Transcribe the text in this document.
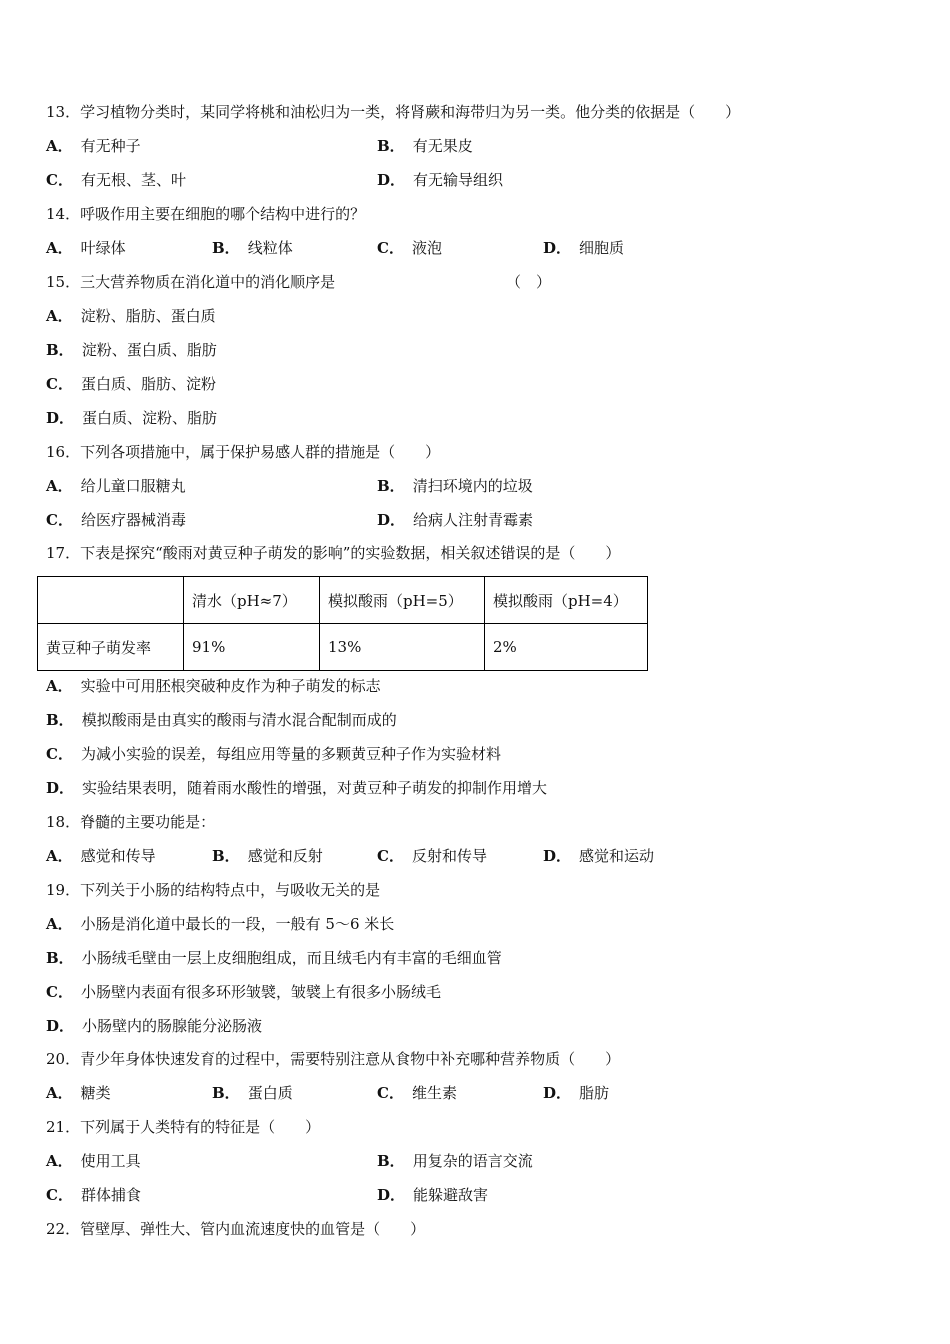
13．学习植物分类时，某同学将桃和油松归为一类，将肾蕨和海带归为另一类。他分类的依据是（　　）
A． 有无种子	B． 有无果皮
C． 有无根、茎、叶	D． 有无输导组织
14．呼吸作用主要在细胞的哪个结构中进行的？
A． 叶绿体	B． 线粒体	C． 液泡	D． 细胞质
15．三大营养物质在消化道中的消化顺序是	（　）
A． 淀粉、脂肪、蛋白质
B． 淀粉、蛋白质、脂肪
C． 蛋白质、脂肪、淀粉
D． 蛋白质、淀粉、脂肪
16．下列各项措施中，属于保护易感人群的措施是（　　）
A． 给儿童口服糖丸	B． 清扫环境内的垃圾
C． 给医疗器械消毒	D． 给病人注射青霉素
17．下表是探究“酸雨对黄豆种子萌发的影响”的实验数据，相关叙述错误的是（　　）
	清水（pH≈7）	模拟酸雨（pH=5）	模拟酸雨（pH=4）
黄豆种子萌发率	91%	13%	2%
A． 实验中可用胚根突破种皮作为种子萌发的标志
B． 模拟酸雨是由真实的酸雨与清水混合配制而成的
C． 为减小实验的误差，每组应用等量的多颗黄豆种子作为实验材料
D． 实验结果表明，随着雨水酸性的增强，对黄豆种子萌发的抑制作用增大
18．脊髓的主要功能是：
A． 感觉和传导	B． 感觉和反射	C． 反射和传导	D． 感觉和运动
19．下列关于小肠的结构特点中，与吸收无关的是
A． 小肠是消化道中最长的一段，一般有 5～6 米长
B． 小肠绒毛壁由一层上皮细胞组成，而且绒毛内有丰富的毛细血管
C． 小肠壁内表面有很多环形皱襞，皱襞上有很多小肠绒毛
D． 小肠壁内的肠腺能分泌肠液
20．青少年身体快速发育的过程中，需要特别注意从食物中补充哪种营养物质（　　）
A． 糖类	B． 蛋白质	C． 维生素	D． 脂肪
21．下列属于人类特有的特征是（　　）
A． 使用工具	B． 用复杂的语言交流
C． 群体捕食	D． 能躲避敌害
22．管壁厚、弹性大、管内血流速度快的血管是（　　）
